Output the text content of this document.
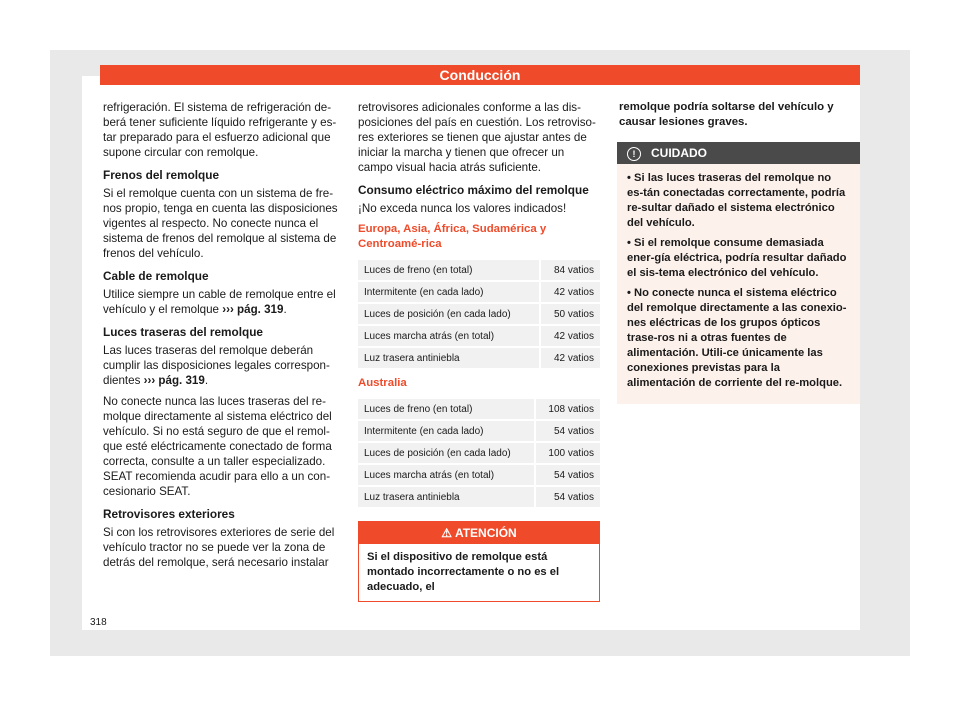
Conducción

refrigeración. El sistema de refrigeración de-berá tener suficiente líquido refrigerante y es-tar preparado para el esfuerzo adicional que supone circular con remolque.

Frenos del remolque

Si el remolque cuenta con un sistema de fre-nos propio, tenga en cuenta las disposiciones vigentes al respecto. No conecte nunca el sistema de frenos del remolque al sistema de frenos del vehículo.

Cable de remolque

Utilice siempre un cable de remolque entre el vehículo y el remolque ››› pág. 319.

Luces traseras del remolque

Las luces traseras del remolque deberán cumplir las disposiciones legales correspon-dientes ››› pág. 319.

No conecte nunca las luces traseras del re-molque directamente al sistema eléctrico del vehículo. Si no está seguro de que el remol-que esté eléctricamente conectado de forma correcta, consulte a un taller especializado. SEAT recomienda acudir para ello a un con-cesionario SEAT.

Retrovisores exteriores

Si con los retrovisores exteriores de serie del vehículo tractor no se puede ver la zona de detrás del remolque, será necesario instalar

retrovisores adicionales conforme a las dis-posiciones del país en cuestión. Los retroviso-res exteriores se tienen que ajustar antes de iniciar la marcha y tienen que ofrecer un campo visual hacia atrás suficiente.

Consumo eléctrico máximo del remolque

¡No exceda nunca los valores indicados!

Europa, Asia, África, Sudamérica y Centroamé-rica
Luces de freno (en total)	84 vatios
Intermitente (en cada lado)	42 vatios
Luces de posición (en cada lado)	50 vatios
Luces marcha atrás (en total)	42 vatios
Luz trasera antiniebla	42 vatios
Australia
Luces de freno (en total)	108 vatios
Intermitente (en cada lado)	54 vatios
Luces de posición (en cada lado)	100 vatios
Luces marcha atrás (en total)	54 vatios
Luz trasera antiniebla	54 vatios
⚠ ATENCIÓN
Si el dispositivo de remolque está montado incorrectamente o no es el adecuado, el

remolque podría soltarse del vehículo y causar lesiones graves.

! CUIDADO
• Si las luces traseras del remolque no es-tán conectadas correctamente, podría re-sultar dañado el sistema electrónico del vehículo.
• Si el remolque consume demasiada ener-gía eléctrica, podría resultar dañado el sis-tema electrónico del vehículo.
• No conecte nunca el sistema eléctrico del remolque directamente a las conexio-nes eléctricas de los grupos ópticos trase-ros ni a otras fuentes de alimentación. Utili-ce únicamente las conexiones previstas para la alimentación de corriente del re-molque.
318
